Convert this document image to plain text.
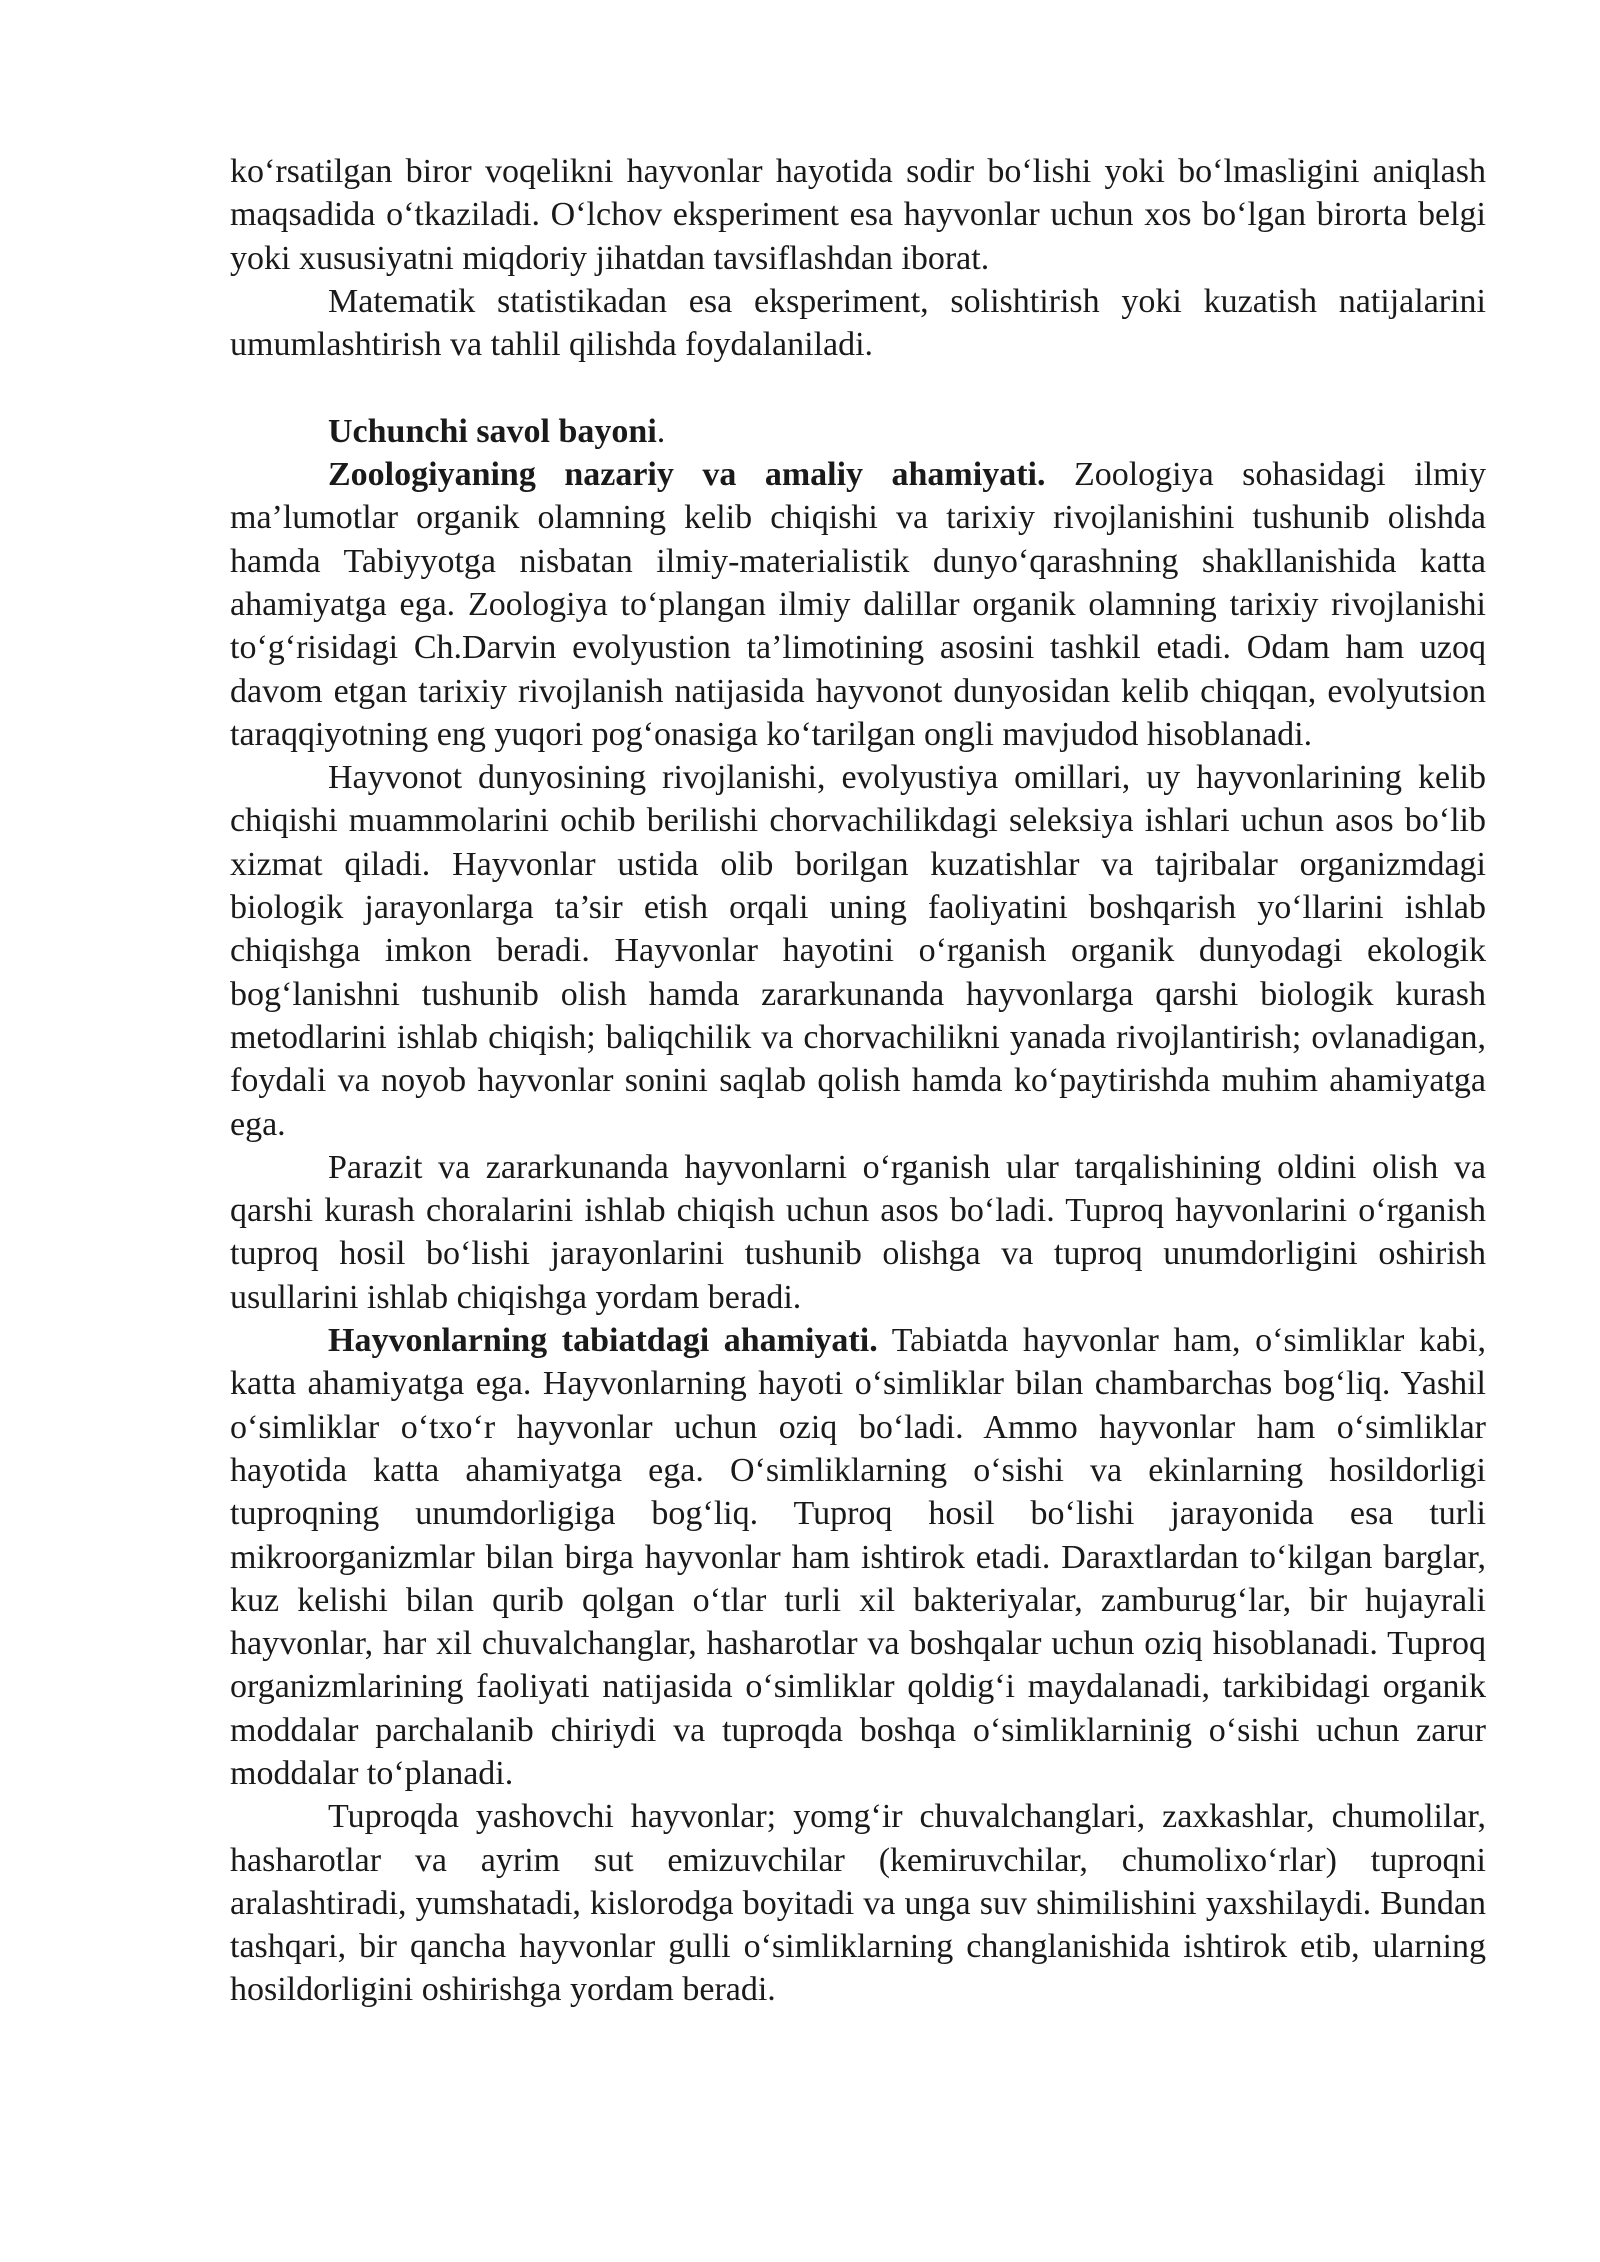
ko‘rsatilgan biror voqelikni hayvonlar hayotida sodir bo‘lishi yoki bo‘lmasligini aniqlash maqsadida o‘tkaziladi. O‘lchov eksperiment esa hayvonlar uchun xos bo‘lgan birorta belgi yoki xususiyatni miqdoriy jihatdan tavsiflashdan iborat.

Matematik statistikadan esa eksperiment, solishtirish yoki kuzatish natijalarini umumlashtirish va tahlil qilishda foydalaniladi.

Uchunchi savol bayoni.

Zoologiyaning nazariy va amaliy ahamiyati. Zoologiya sohasidagi ilmiy ma’lumotlar organik olamning kelib chiqishi va tarixiy rivojlanishini tushunib olishda hamda Tabiyyotga nisbatan ilmiy-materialistik dunyo‘qarashning shakllanishida katta ahamiyatga ega. Zoologiya to‘plangan ilmiy dalillar organik olamning tarixiy rivojlanishi to‘g‘risidagi Ch.Darvin evolyustion ta’limotining asosini tashkil etadi. Odam ham uzoq davom etgan tarixiy rivojlanish natijasida hayvonot dunyosidan kelib chiqqan, evolyutsion taraqqiyotning eng yuqori pog‘onasiga ko‘tarilgan ongli mavjudod hisoblanadi.

Hayvonot dunyosining rivojlanishi, evolyustiya omillari, uy hayvonlarining kelib chiqishi muammolarini ochib berilishi chorvachilikdagi seleksiya ishlari uchun asos bo‘lib xizmat qiladi. Hayvonlar ustida olib borilgan kuzatishlar va tajribalar organizmdagi biologik jarayonlarga ta’sir etish orqali uning faoliyatini boshqarish yo‘llarini ishlab chiqishga imkon beradi. Hayvonlar hayotini o‘rganish organik dunyodagi ekologik bog‘lanishni tushunib olish hamda zararkunanda hayvonlarga qarshi biologik kurash metodlarini ishlab chiqish; baliqchilik va chorvachilikni yanada rivojlantirish; ovlanadigan, foydali va noyob hayvonlar sonini saqlab qolish hamda ko‘paytirishda muhim ahamiyatga ega.

Parazit va zararkunanda hayvonlarni o‘rganish ular tarqalishining oldini olish va qarshi kurash choralarini ishlab chiqish uchun asos bo‘ladi. Tuproq hayvonlarini o‘rganish tuproq hosil bo‘lishi jarayonlarini tushunib olishga va tuproq unumdorligini oshirish usullarini ishlab chiqishga yordam beradi.

Hayvonlarning tabiatdagi ahamiyati. Tabiatda hayvonlar ham, o‘simliklar kabi, katta ahamiyatga ega. Hayvonlarning hayoti o‘simliklar bilan chambarchas bog‘liq. Yashil o‘simliklar o‘txo‘r hayvonlar uchun oziq bo‘ladi. Ammo hayvonlar ham o‘simliklar hayotida katta ahamiyatga ega. O‘simliklarning o‘sishi va ekinlarning hosildorligi tuproqning unumdorligiga bog‘liq. Tuproq hosil bo‘lishi jarayonida esa turli mikroorganizmlar bilan birga hayvonlar ham ishtirok etadi. Daraxtlardan to‘kilgan barglar, kuz kelishi bilan qurib qolgan o‘tlar turli xil bakteriyalar, zamburug‘lar, bir hujayrali hayvonlar, har xil chuvalchanglar, hasharotlar va boshqalar uchun oziq hisoblanadi. Tuproq organizmlarining faoliyati natijasida o‘simliklar qoldig‘i maydalanadi, tarkibidagi organik moddalar parchalanib chiriydi va tuproqda boshqa o‘simliklarninig o‘sishi uchun zarur moddalar to‘planadi.

Tuproqda yashovchi hayvonlar; yomg‘ir chuvalchanglari, zaxkashlar, chumolilar, hasharotlar va ayrim sut emizuvchilar (kemiruvchilar, chumolixo‘rlar) tuproqni aralashtiradi, yumshatadi, kislorodga boyitadi va unga suv shimilishini yaxshilaydi. Bundan tashqari, bir qancha hayvonlar gulli o‘simliklarning changlanishida ishtirok etib, ularning hosildorligini oshirishga yordam beradi.
